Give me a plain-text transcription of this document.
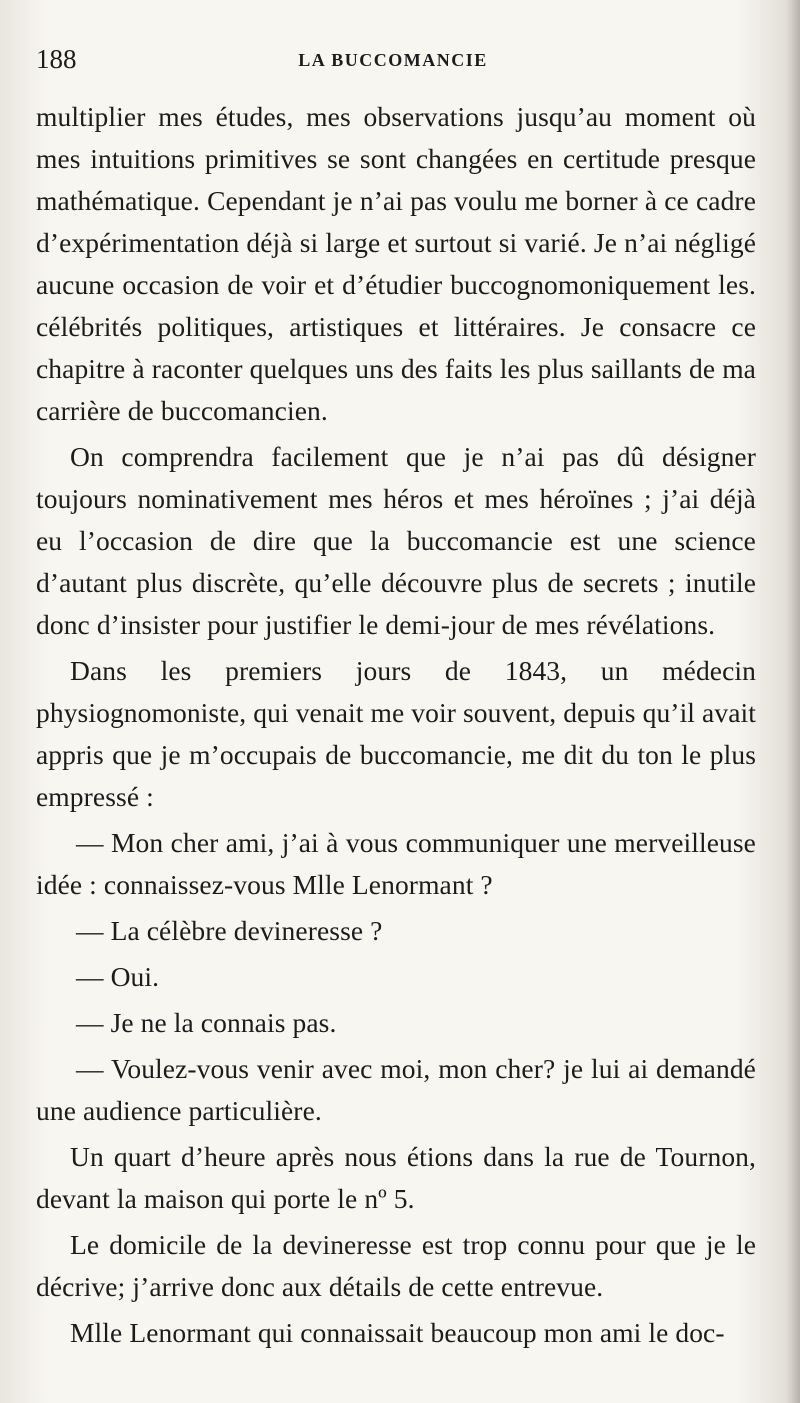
188	LA BUCCOMANCIE

multiplier mes études, mes observations jusqu’au moment où mes intuitions primitives se sont changées en certitude presque mathématique. Cependant je n’ai pas voulu me borner à ce cadre d’expérimentation déjà si large et surtout si varié. Je n’ai négligé aucune occasion de voir et d’étudier buccognomoniquement les. célébrités politiques, artistiques et littéraires. Je consacre ce chapitre à raconter quelques uns des faits les plus saillants de ma carrière de buccomancien.

On comprendra facilement que je n’ai pas dû désigner toujours nominativement mes héros et mes héroïnes ; j’ai déjà eu l’occasion de dire que la buccomancie est une science d’autant plus discrète, qu’elle découvre plus de secrets ; inutile donc d’insister pour justifier le demi-jour de mes révélations.

Dans les premiers jours de 1843, un médecin physiognomoniste, qui venait me voir souvent, depuis qu’il avait appris que je m’occupais de buccomancie, me dit du ton le plus empressé :

— Mon cher ami, j’ai à vous communiquer une merveilleuse idée : connaissez-vous Mlle Lenormant ?

— La célèbre devineresse ?

— Oui.

— Je ne la connais pas.

— Voulez-vous venir avec moi, mon cher? je lui ai demandé une audience particulière.

Un quart d’heure après nous étions dans la rue de Tournon, devant la maison qui porte le nº 5.

Le domicile de la devineresse est trop connu pour que je le décrive; j’arrive donc aux détails de cette entrevue.

Mlle Lenormant qui connaissait beaucoup mon ami le doc-
